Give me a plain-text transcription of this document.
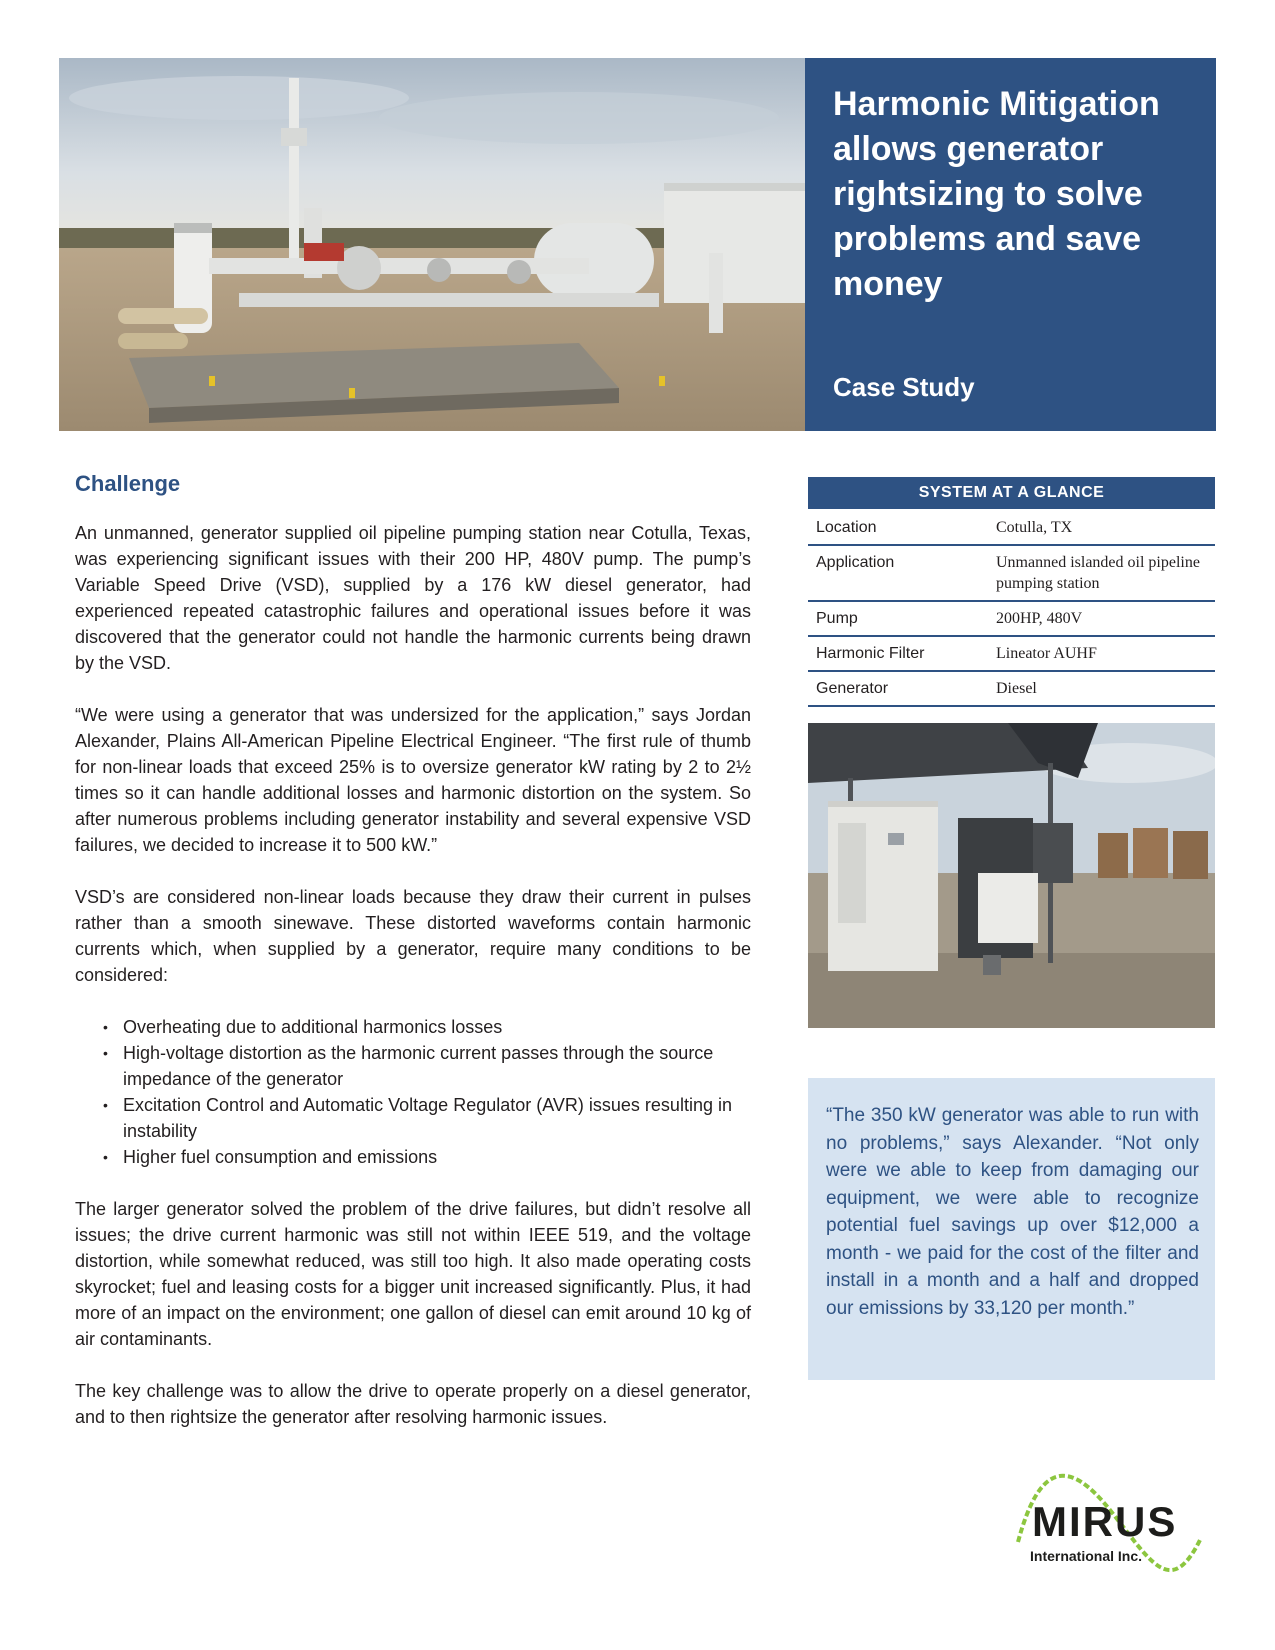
Harmonic Mitigation allows generator rightsizing to solve problems and save money
Case Study
Challenge

An unmanned, generator supplied oil pipeline pumping station near Cotulla, Texas, was experiencing significant issues with their 200 HP, 480V pump. The pump’s Variable Speed Drive (VSD), supplied by a 176 kW diesel generator, had experienced repeated catastrophic failures and operational issues before it was discovered that the generator could not handle the harmonic currents being drawn by the VSD.

“We were using a generator that was undersized for the application,” says Jordan Alexander, Plains All-American Pipeline Electrical Engineer. “The first rule of thumb for non-linear loads that exceed 25% is to oversize generator kW rating by 2 to 2½ times so it can handle additional losses and harmonic distortion on the system. So after numerous problems including generator instability and several expensive VSD failures, we decided to increase it to 500 kW.”

VSD’s are considered non-linear loads because they draw their current in pulses rather than a smooth sinewave. These distorted waveforms contain harmonic currents which, when supplied by a generator, require many conditions to be considered:

• Overheating due to additional harmonics losses
• High-voltage distortion as the harmonic current passes through the source impedance of the generator
• Excitation Control and Automatic Voltage Regulator (AVR) issues resulting in instability
• Higher fuel consumption and emissions

The larger generator solved the problem of the drive failures, but didn’t resolve all issues; the drive current harmonic was still not within IEEE 519, and the voltage distortion, while somewhat reduced, was still too high. It also made operating costs skyrocket; fuel and leasing costs for a bigger unit increased significantly. Plus, it had more of an impact on the environment; one gallon of diesel can emit around 10 kg of air contaminants.

The key challenge was to allow the drive to operate properly on a diesel generator, and to then rightsize the generator after resolving harmonic issues.

SYSTEM AT A GLANCE
Location	Cotulla, TX
Application	Unmanned islanded oil pipeline pumping station
Pump	200HP, 480V
Harmonic Filter	Lineator AUHF
Generator	Diesel

“The 350 kW generator was able to run with no problems,” says Alexander. “Not only were we able to keep from damaging our equipment, we were able to recognize potential fuel savings up over $12,000 a month - we paid for the cost of the filter and install in a month and a half and dropped our emissions by 33,120 per month.”

MIRUS
International Inc.
